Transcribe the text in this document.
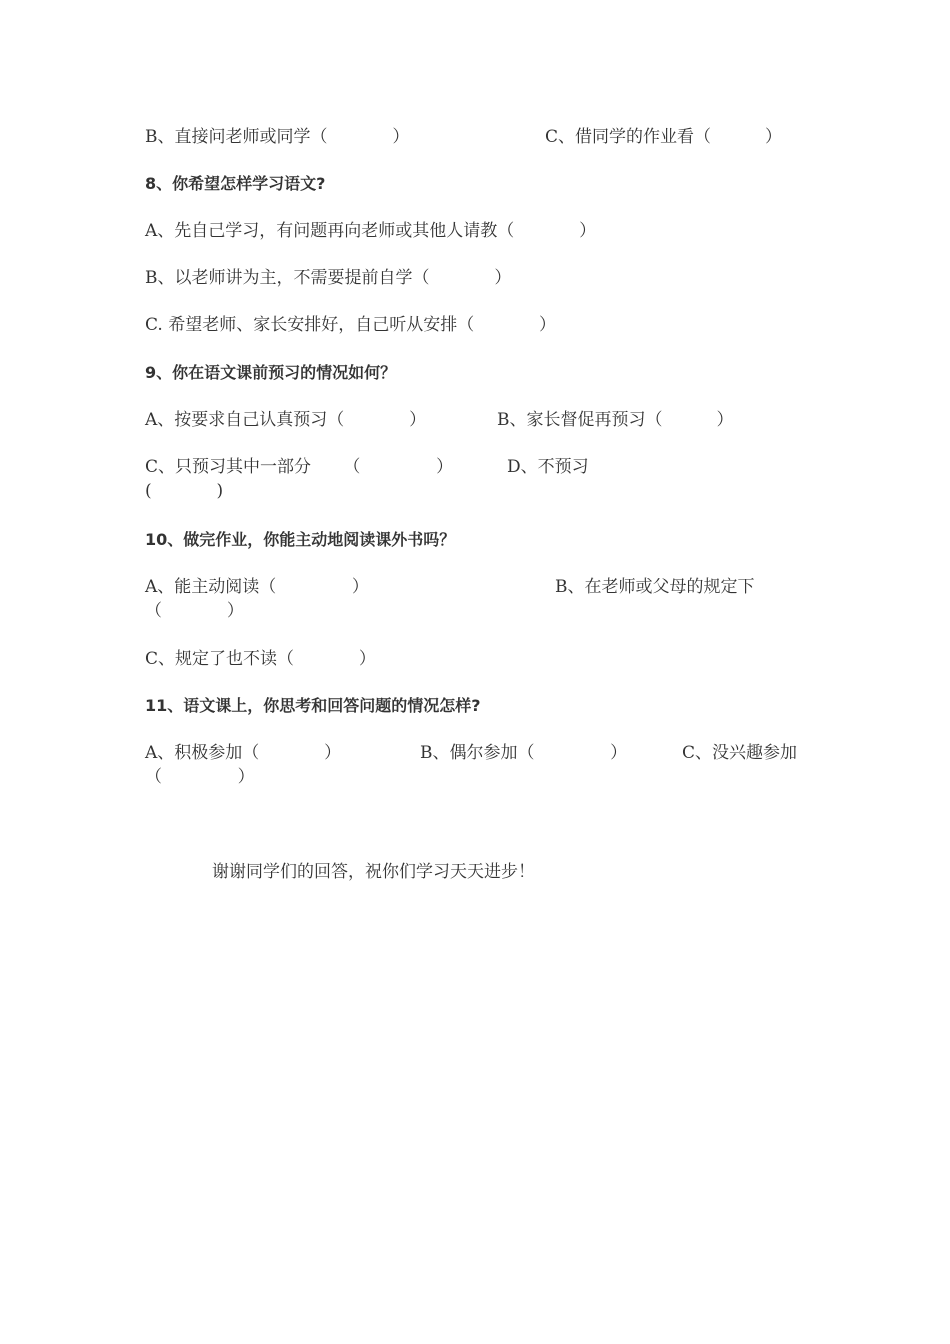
B、直接问老师或同学（            ）	C、借同学的作业看（          ）
8、你希望怎样学习语文?
A、先自己学习，有问题再向老师或其他人请教（            ）
B、以老师讲为主，不需要提前自学（            ）
C. 希望老师、家长安排好，自己听从安排（            ）
9、你在语文课前预习的情况如何？
A、按要求自己认真预习（            ）	B、家长督促再预习（          ）
C、只预习其中一部分      （              ）	D、不预习
(            )
10、做完作业，你能主动地阅读课外书吗？
A、能主动阅读（              ）	B、在老师或父母的规定下
（            ）
C、规定了也不读（            ）
11、语文课上，你思考和回答问题的情况怎样?
A、积极参加（            ）	B、偶尔参加（              ）	C、没兴趣参加
（              ）
谢谢同学们的回答，祝你们学习天天进步！
